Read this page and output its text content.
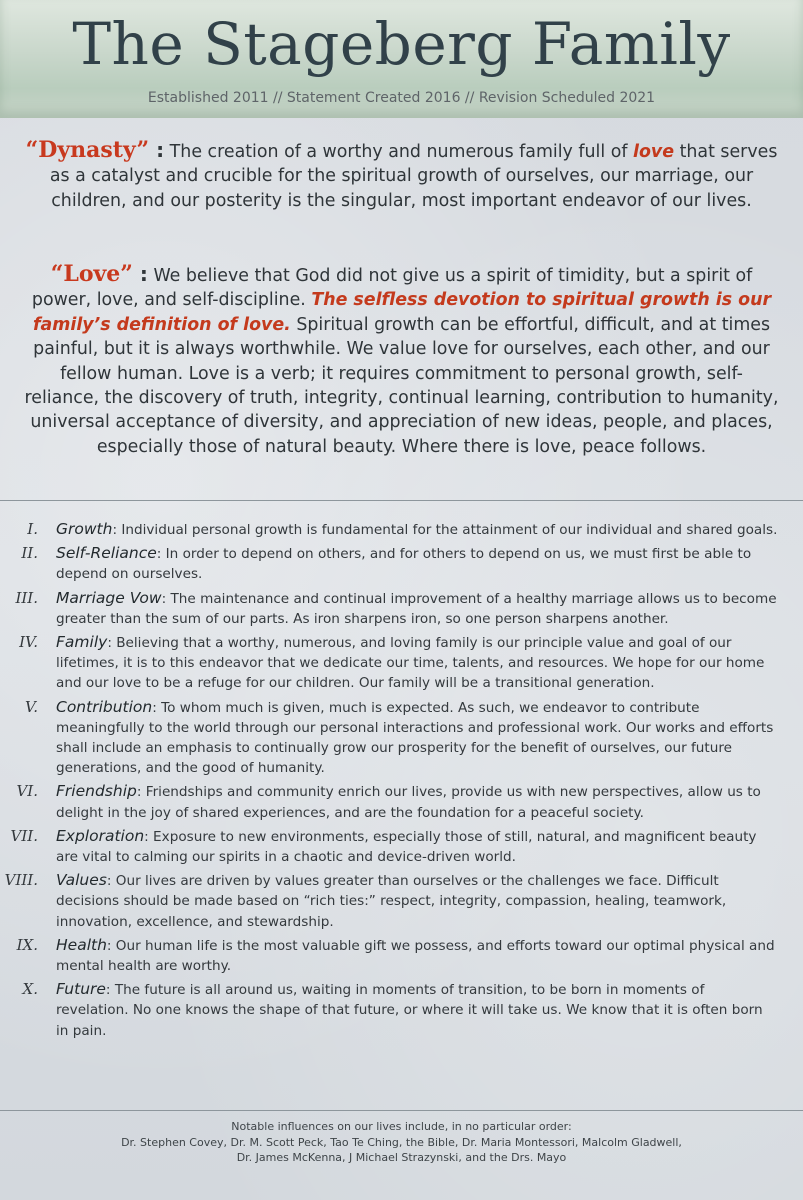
The Stageberg Family
Established 2011 // Statement Created 2016 // Revision Scheduled 2021
“Dynasty” : The creation of a worthy and numerous family full of love that serves as a catalyst and crucible for the spiritual growth of ourselves, our marriage, our children, and our posterity is the singular, most important endeavor of our lives.
“Love” : We believe that God did not give us a spirit of timidity, but a spirit of power, love, and self-discipline. The selfless devotion to spiritual growth is our family’s definition of love. Spiritual growth can be effortful, difficult, and at times painful, but it is always worthwhile. We value love for ourselves, each other, and our fellow human. Love is a verb; it requires commitment to personal growth, self-reliance, the discovery of truth, integrity, continual learning, contribution to humanity, universal acceptance of diversity, and appreciation of new ideas, people, and places, especially those of natural beauty. Where there is love, peace follows.
I. Growth: Individual personal growth is fundamental for the attainment of our individual and shared goals.
II. Self-Reliance: In order to depend on others, and for others to depend on us, we must first be able to depend on ourselves.
III. Marriage Vow: The maintenance and continual improvement of a healthy marriage allows us to become greater than the sum of our parts. As iron sharpens iron, so one person sharpens another.
IV. Family: Believing that a worthy, numerous, and loving family is our principle value and goal of our lifetimes, it is to this endeavor that we dedicate our time, talents, and resources. We hope for our home and our love to be a refuge for our children. Our family will be a transitional generation.
V. Contribution: To whom much is given, much is expected. As such, we endeavor to contribute meaningfully to the world through our personal interactions and professional work. Our works and efforts shall include an emphasis to continually grow our prosperity for the benefit of ourselves, our future generations, and the good of humanity.
VI. Friendship: Friendships and community enrich our lives, provide us with new perspectives, allow us to delight in the joy of shared experiences, and are the foundation for a peaceful society.
VII. Exploration: Exposure to new environments, especially those of still, natural, and magnificent beauty are vital to calming our spirits in a chaotic and device-driven world.
VIII. Values: Our lives are driven by values greater than ourselves or the challenges we face. Difficult decisions should be made based on “rich ties:” respect, integrity, compassion, healing, teamwork, innovation, excellence, and stewardship.
IX. Health: Our human life is the most valuable gift we possess, and efforts toward our optimal physical and mental health are worthy.
X. Future: The future is all around us, waiting in moments of transition, to be born in moments of revelation. No one knows the shape of that future, or where it will take us. We know that it is often born in pain.
Notable influences on our lives include, in no particular order:
Dr. Stephen Covey, Dr. M. Scott Peck, Tao Te Ching, the Bible, Dr. Maria Montessori, Malcolm Gladwell,
Dr. James McKenna, J Michael Strazynski, and the Drs. Mayo
